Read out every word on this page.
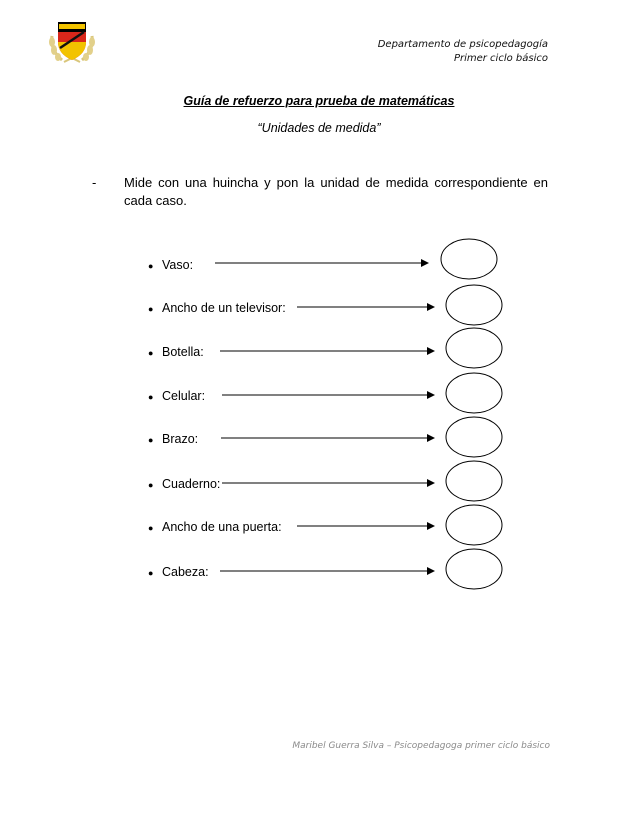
Departamento de psicopedagogía
Primer ciclo básico
Guía de refuerzo para prueba de matemáticas
“Unidades de medida”
- Mide con una huincha y pon la unidad de medida correspondiente en cada caso.
● Vaso:
● Ancho de un televisor:
● Botella:
● Celular:
● Brazo:
● Cuaderno:
● Ancho de una puerta:
● Cabeza:
Maribel Guerra Silva – Psicopedagoga primer ciclo básico
